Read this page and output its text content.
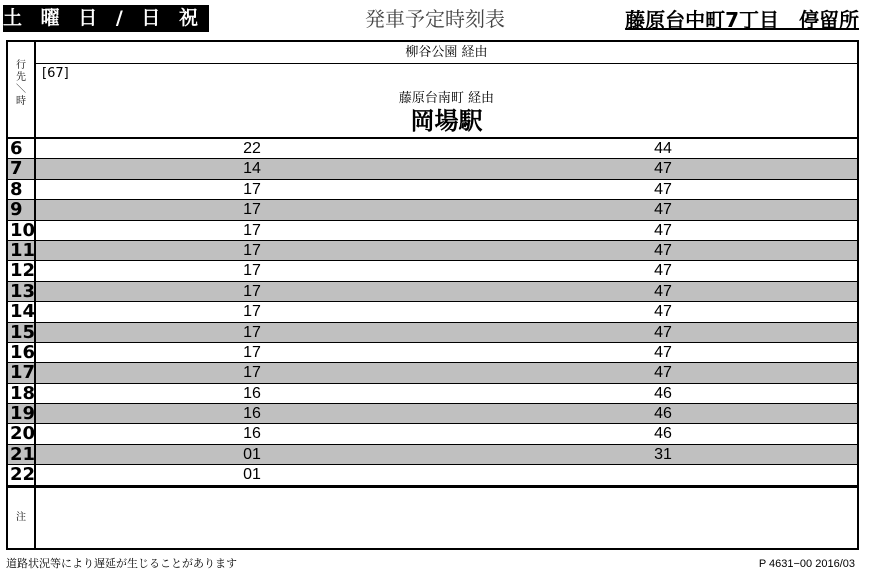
土 曜 日 / 日 祝 日	発車予定時刻表	藤原台中町7丁目　停留所
行
先
＼
時
柳谷公園 経由
[67]
藤原台南町 経由
岡場駅
6	22	44
7	14	47
8	17	47
9	17	47
10	17	47
11	17	47
12	17	47
13	17	47
14	17	47
15	17	47
16	17	47
17	17	47
18	16	46
19	16	46
20	16	46
21	01	31
22	01
注
道路状況等により遅延が生じることがあります	P 4631−00 2016/03
